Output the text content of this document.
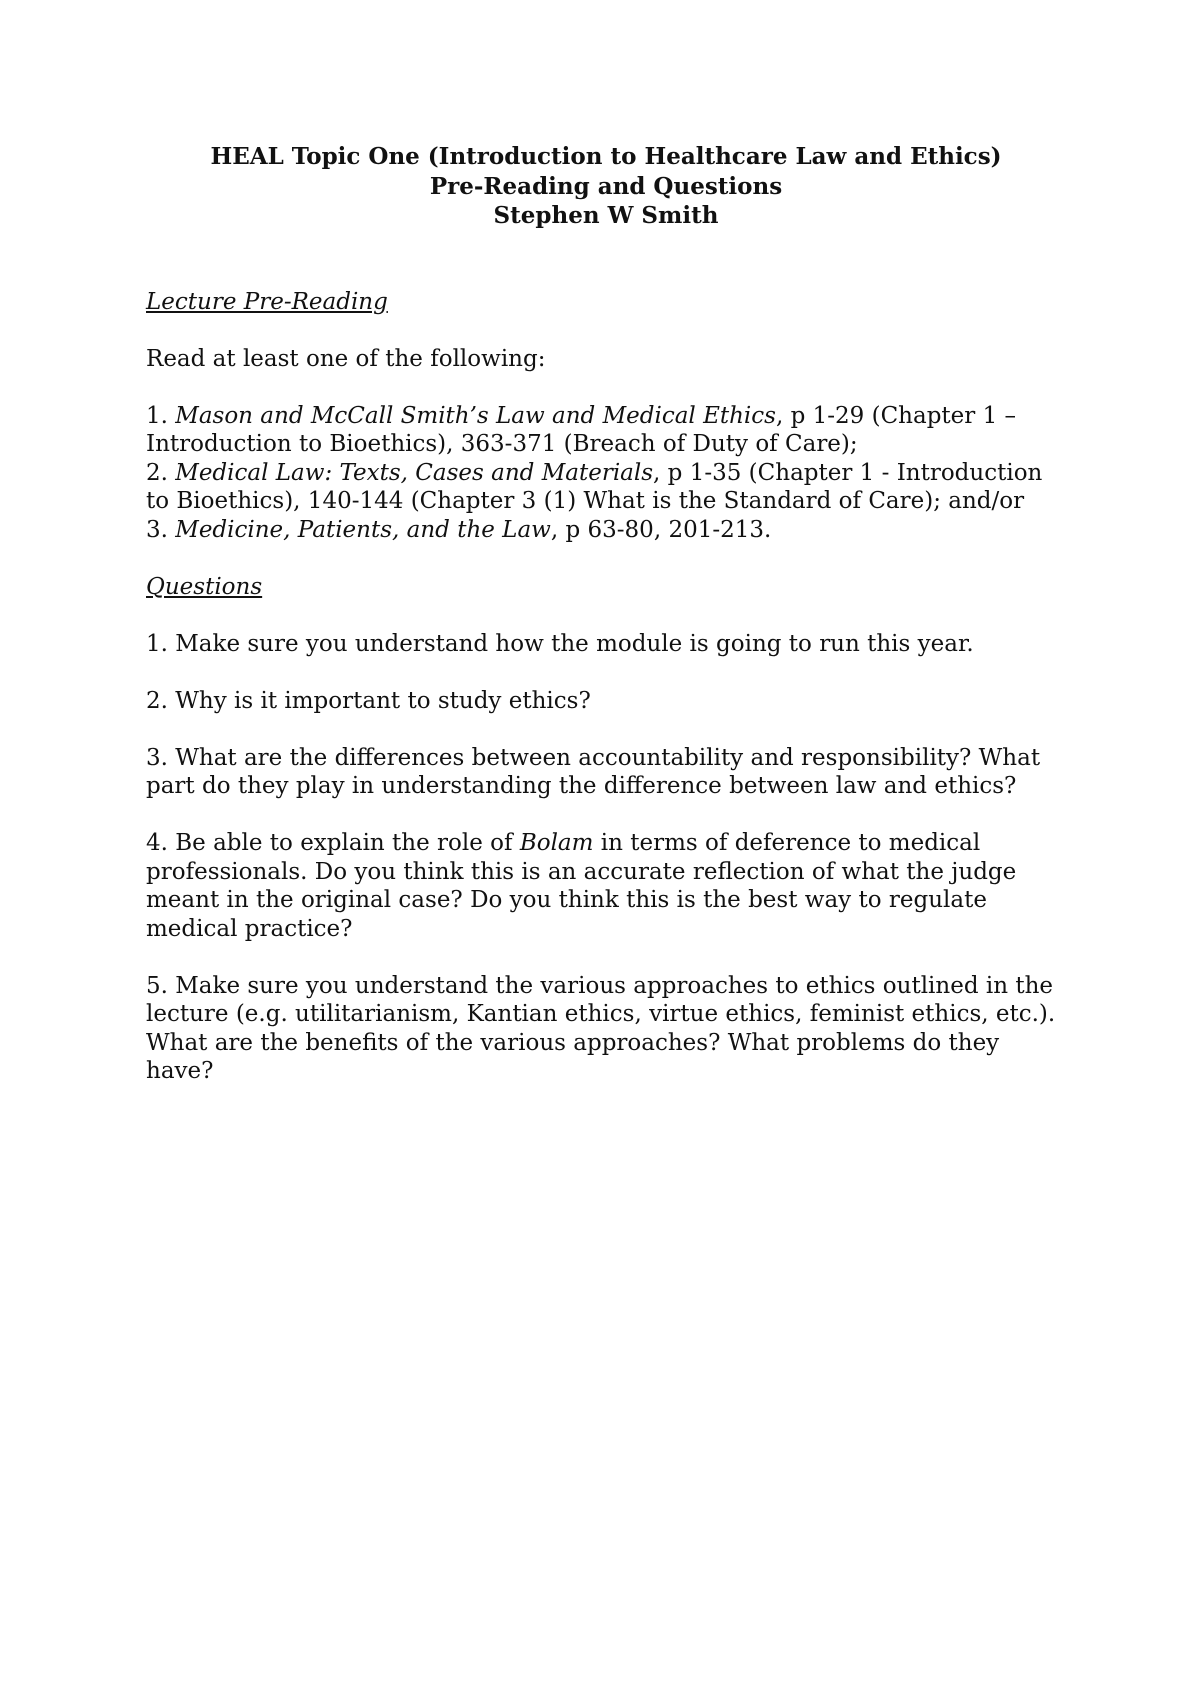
HEAL Topic One (Introduction to Healthcare Law and Ethics)
Pre-Reading and Questions
Stephen W Smith

Lecture Pre-Reading

Read at least one of the following:

1. Mason and McCall Smith’s Law and Medical Ethics, p 1-29 (Chapter 1 – Introduction to Bioethics), 363-371 (Breach of Duty of Care);

2. Medical Law: Texts, Cases and Materials, p 1-35 (Chapter 1 - Introduction to Bioethics), 140-144 (Chapter 3 (1) What is the Standard of Care); and/or

3. Medicine, Patients, and the Law, p 63-80, 201-213.

Questions

1. Make sure you understand how the module is going to run this year.

2. Why is it important to study ethics?

3. What are the differences between accountability and responsibility? What part do they play in understanding the difference between law and ethics?

4. Be able to explain the role of Bolam in terms of deference to medical professionals. Do you think this is an accurate reflection of what the judge meant in the original case? Do you think this is the best way to regulate medical practice?

5. Make sure you understand the various approaches to ethics outlined in the lecture (e.g. utilitarianism, Kantian ethics, virtue ethics, feminist ethics, etc.). What are the benefits of the various approaches? What problems do they have?
